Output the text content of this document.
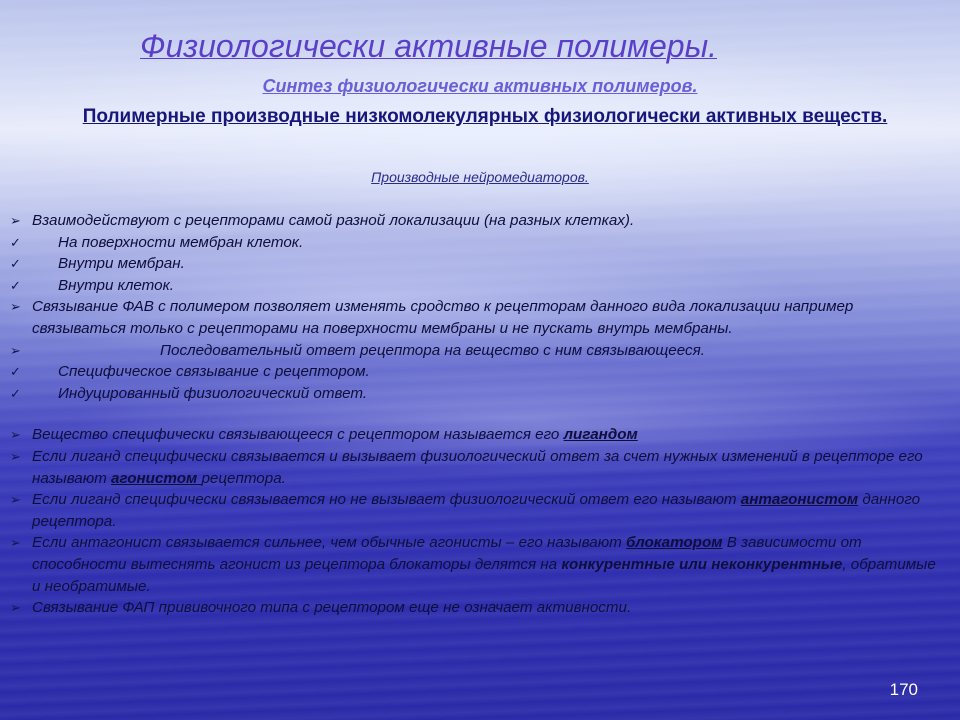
Физиологически активные полимеры.
Синтез физиологически активных полимеров.
Полимерные производные низкомолекулярных физиологически активных веществ.
Производные нейромедиаторов.
➢ Взаимодействуют с рецепторами самой разной локализации (на разных клетках).
✓	На поверхности мембран клеток.
✓	Внутри мембран.
✓	Внутри клеток.
➢ Связывание ФАВ с полимером позволяет изменять сродство к рецепторам данного вида локализации например связываться только с рецепторами на поверхности мембраны и не пускать внутрь мембраны.
➢	Последовательный ответ рецептора на вещество с ним связывающееся.
✓	Специфическое связывание с рецептором.
✓	Индуцированный физиологический ответ.
➢ Вещество специфически связывающееся с рецептором называется его лигандом
➢ Если лиганд специфически связывается и вызывает физиологический ответ за счет нужных изменений в рецепторе его называют агонистом рецептора.
➢ Если лиганд специфически связывается но не вызывает физиологический ответ его называют антагонистом данного рецептора.
➢ Если антагонист связывается сильнее, чем обычные агонисты – его называют блокатором В зависимости от способности вытеснять агонист из рецептора блокаторы делятся на конкурентные или неконкурентные, обратимые и необратимые.
➢ Связывание ФАП прививочного типа с рецептором еще не означает активности.
170
